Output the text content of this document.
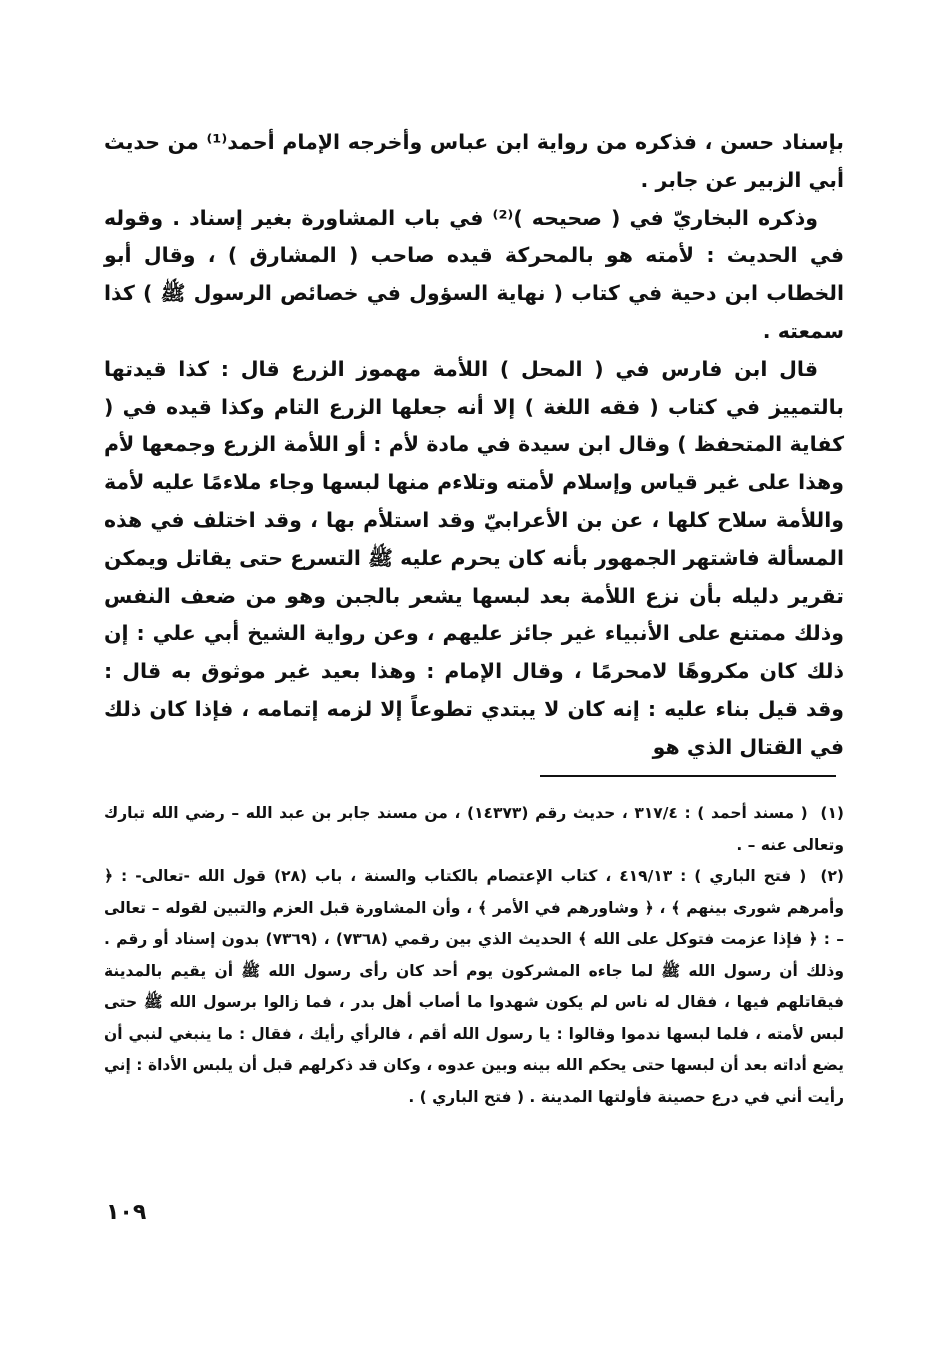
بإسناد حسن ، فذكره من رواية ابن عباس وأخرجه الإمام أحمد⁽¹⁾ من حديث أبي الزبير عن جابر .

وذكره البخاريّ في ( صحيحه )⁽²⁾ في باب المشاورة بغير إسناد . وقوله في الحديث : لأمته هو بالمحركة قيده صاحب ( المشارق ) ، وقال أبو الخطاب ابن دحية في كتاب ( نهاية السؤول في خصائص الرسول ﷺ ) كذا سمعته .

قال ابن فارس في ( المحل ) اللأمة مهموز الزرع قال : كذا قيدتها بالتمييز في كتاب ( فقه اللغة ) إلا أنه جعلها الزرع التام وكذا قيده في ( كفاية المتحفظ ) وقال ابن سيدة في مادة لأم : أو اللأمة الزرع وجمعها لأم وهذا على غير قياس وإسلام لأمته وتلاءم منها لبسها وجاء ملاءمًا عليه لأمة واللأمة سلاح كلها ، عن بن الأعرابيّ وقد استلأم بها ، وقد اختلف في هذه المسألة فاشتهر الجمهور بأنه كان يحرم عليه ﷺ التسرع حتى يقاتل ويمكن تقرير دليله بأن نزع اللأمة بعد لبسها يشعر بالجبن وهو من ضعف النفس وذلك ممتنع على الأنبياء غير جائز عليهم ، وعن رواية الشيخ أبي علي : إن ذلك كان مكروهًا لامحرمًا ، وقال الإمام : وهذا بعيد غير موثوق به قال : وقد قيل بناء عليه : إنه كان لا يبتدي تطوعاً إلا لزمه إتمامه ، فإذا كان ذلك في القتال الذي هو

(١) ( مسند أحمد ) : ٣١٧/٤ ، حديث رقم (١٤٣٧٣) ، من مسند جابر بن عبد الله – رضي الله تبارك وتعالى عنه – .

(٢) ( فتح الباري ) : ٤١٩/١٣ ، كتاب الإعتصام بالكتاب والسنة ، باب (٢٨) قول الله -تعالى- : ﴿ وأمرهم شورى بينهم ﴾ ، ﴿ وشاورهم في الأمر ﴾ ، وأن المشاورة قبل العزم والتبين لقوله – تعالى – : ﴿ فإذا عزمت فتوكل على الله ﴾ الحديث الذي بين رقمي (٧٣٦٨) ، (٧٣٦٩) بدون إسناد أو رقم . وذلك أن رسول الله ﷺ لما جاءه المشركون يوم أحد كان رأى رسول الله ﷺ أن يقيم بالمدينة فيقاتلهم فيها ، فقال له ناس لم يكون شهدوا ما أصاب أهل بدر ، فما زالوا برسول الله ﷺ حتى لبس لأمته ، فلما لبسها ندموا وقالوا : يا رسول الله أقم ، فالرأي رأيك ، فقال : ما ينبغي لنبي أن يضع أداته بعد أن لبسها حتى يحكم الله بينه وبين عدوه ، وكان قد ذكرلهم قبل أن يلبس الأداة : إني رأيت أني في درع حصينة فأولتها المدينة . ( فتح الباري ) .

١٠٩
